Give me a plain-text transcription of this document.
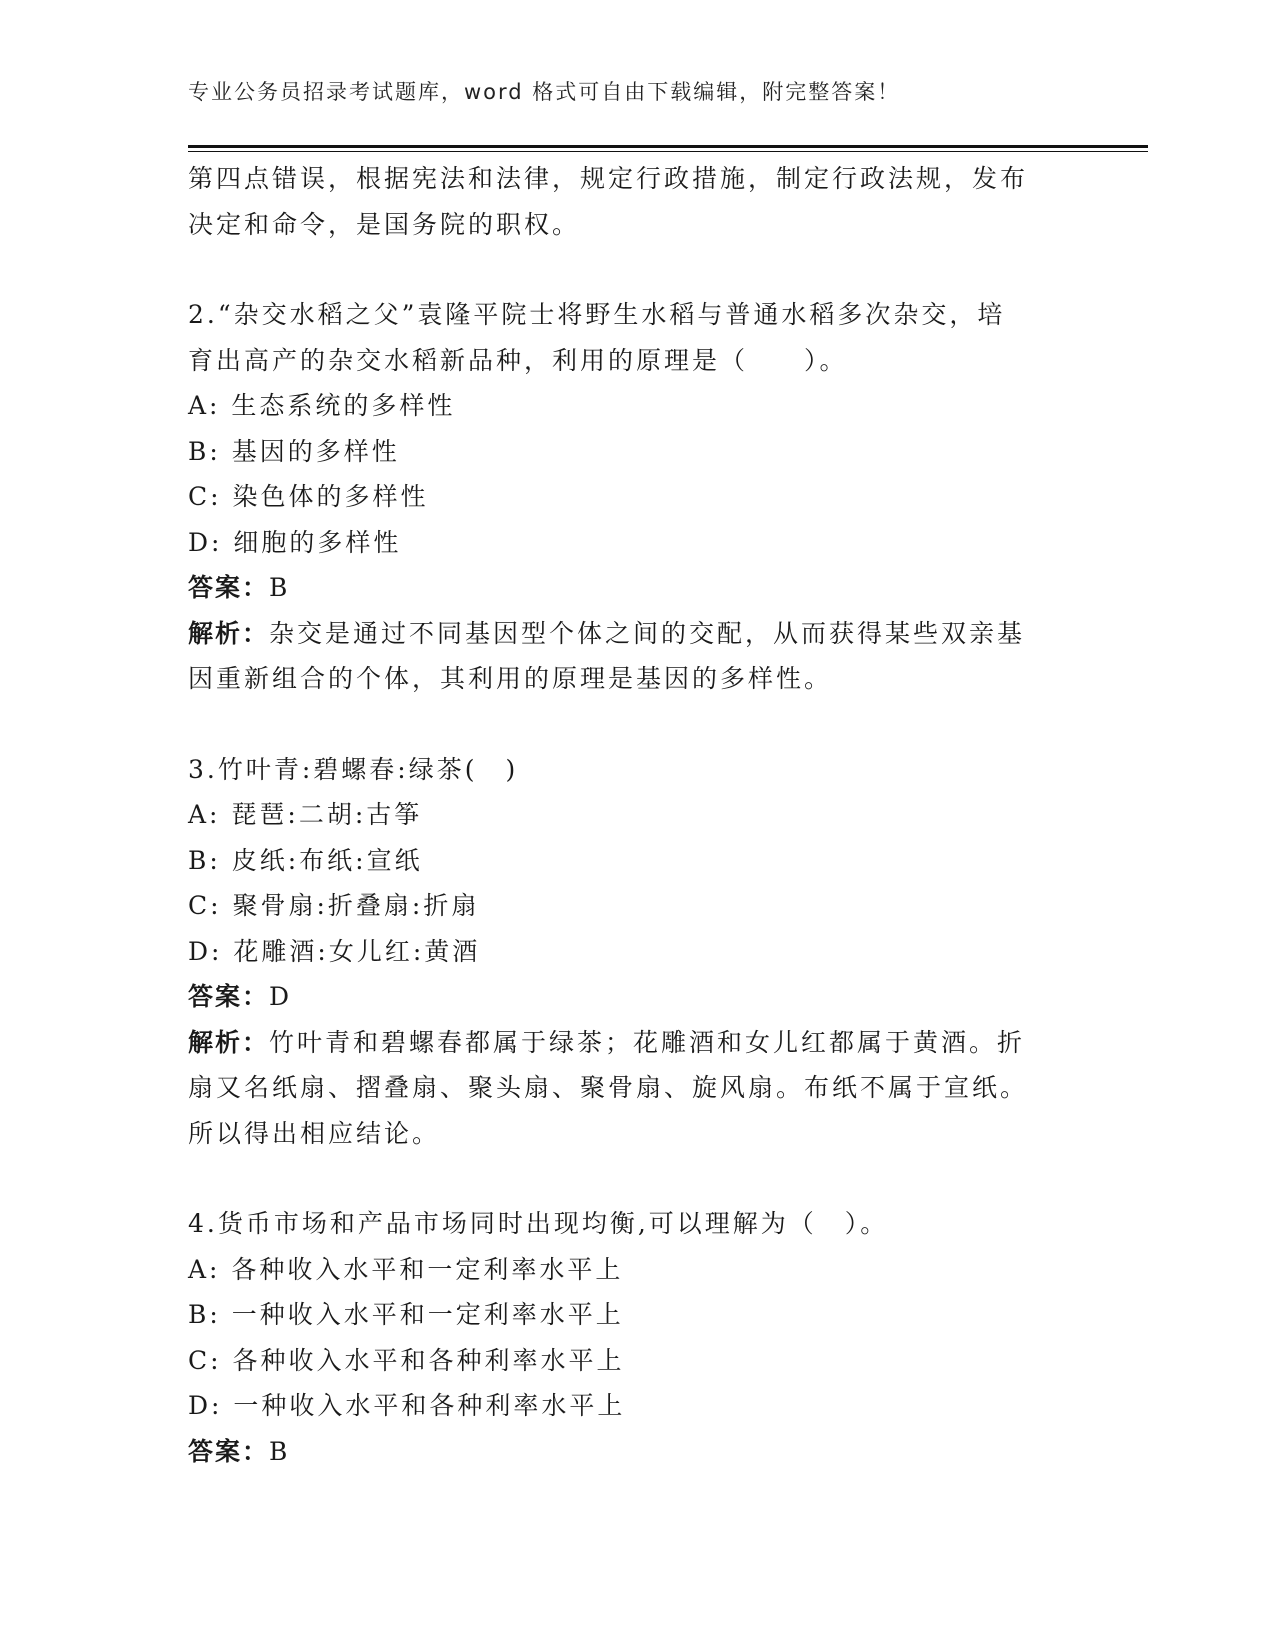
专业公务员招录考试题库，word 格式可自由下载编辑，附完整答案！

第四点错误，根据宪法和法律，规定行政措施，制定行政法规，发布

决定和命令，是国务院的职权。

2.“杂交水稻之父”袁隆平院士将野生水稻与普通水稻多次杂交，培

育出高产的杂交水稻新品种，利用的原理是（　　）。

A: 生态系统的多样性

B: 基因的多样性

C: 染色体的多样性

D: 细胞的多样性

答案：B

解析：杂交是通过不同基因型个体之间的交配，从而获得某些双亲基

因重新组合的个体，其利用的原理是基因的多样性。

3.竹叶青:碧螺春:绿茶(　)

A: 琵琶:二胡:古筝

B: 皮纸:布纸:宣纸

C: 聚骨扇:折叠扇:折扇

D: 花雕酒:女儿红:黄酒

答案：D

解析：竹叶青和碧螺春都属于绿茶；花雕酒和女儿红都属于黄酒。折

扇又名纸扇、摺叠扇、聚头扇、聚骨扇、旋风扇。布纸不属于宣纸。

所以得出相应结论。

4.货币市场和产品市场同时出现均衡,可以理解为（　）。

A: 各种收入水平和一定利率水平上

B: 一种收入水平和一定利率水平上

C: 各种收入水平和各种利率水平上

D: 一种收入水平和各种利率水平上

答案：B
